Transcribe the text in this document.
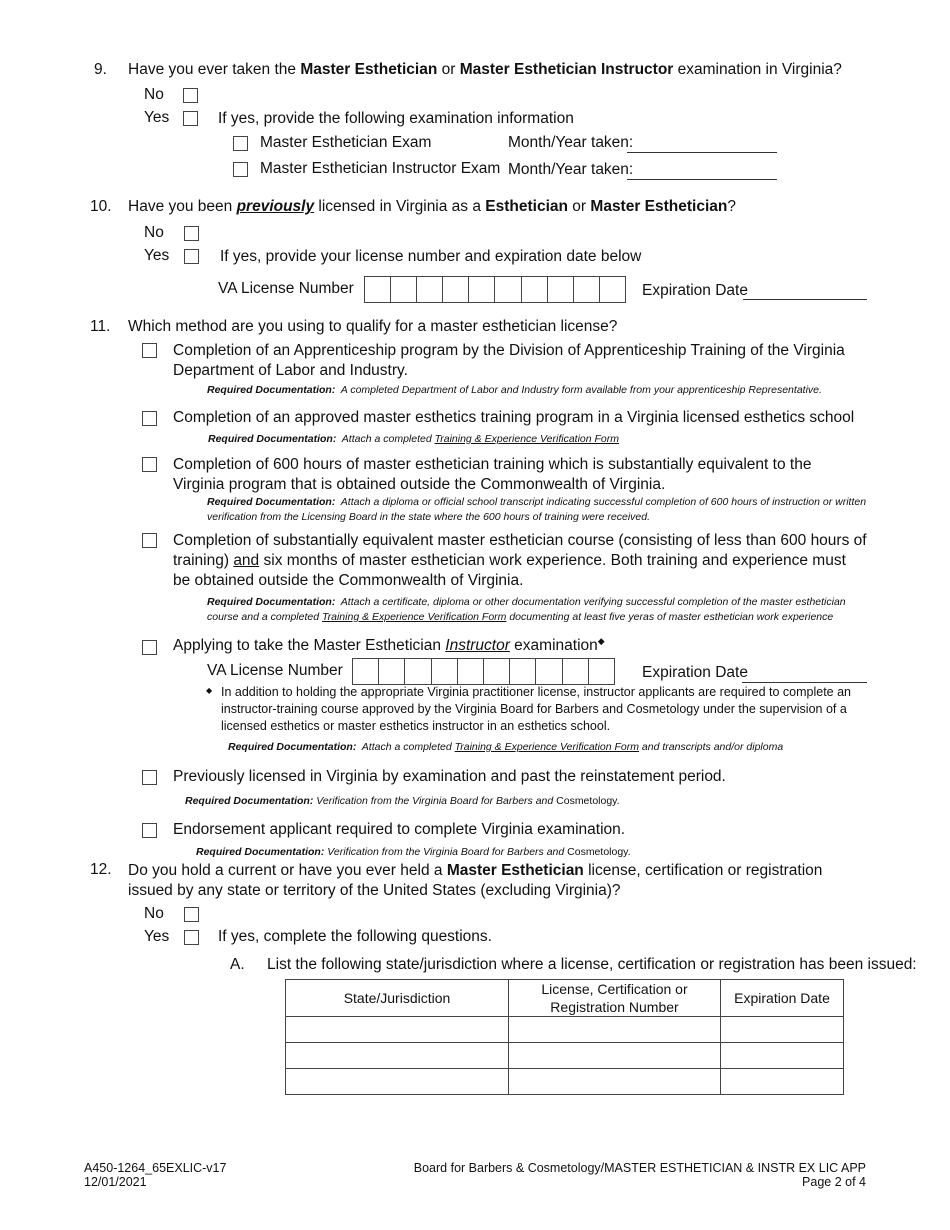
9. Have you ever taken the Master Esthetician or Master Esthetician Instructor examination in Virginia?
No
Yes	If yes, provide the following examination information
Master Esthetician Exam	Month/Year taken:
Master Esthetician Instructor Exam Month/Year taken:
10. Have you been previously licensed in Virginia as a Esthetician or Master Esthetician?
No
Yes	If yes, provide your license number and expiration date below
VA License Number	Expiration Date
11. Which method are you using to qualify for a master esthetician license?
Completion of an Apprenticeship program by the Division of Apprenticeship Training of the Virginia Department of Labor and Industry.
Required Documentation: A completed Department of Labor and Industry form available from your apprenticeship Representative.
Completion of an approved master esthetics training program in a Virginia licensed esthetics school
Required Documentation: Attach a completed Training & Experience Verification Form
Completion of 600 hours of master esthetician training which is substantially equivalent to the Virginia program that is obtained outside the Commonwealth of Virginia.
Required Documentation: Attach a diploma or official school transcript indicating successful completion of 600 hours of instruction or written verification from the Licensing Board in the state where the 600 hours of training were received.
Completion of substantially equivalent master esthetician course (consisting of less than 600 hours of training) and six months of master esthetician work experience. Both training and experience must be obtained outside the Commonwealth of Virginia.
Required Documentation: Attach a certificate, diploma or other documentation verifying successful completion of the master esthetician course and a completed Training & Experience Verification Form documenting at least five yeras of master esthetician work experience
Applying to take the Master Esthetician Instructor examination◆
VA License Number	Expiration Date
◆ In addition to holding the appropriate Virginia practitioner license, instructor applicants are required to complete an instructor-training course approved by the Virginia Board for Barbers and Cosmetology under the supervision of a licensed esthetics or master esthetics instructor in an esthetics school.
Required Documentation: Attach a completed Training & Experience Verification Form and transcripts and/or diploma
Previously licensed in Virginia by examination and past the reinstatement period.
Required Documentation: Verification from the Virginia Board for Barbers and Cosmetology.
Endorsement applicant required to complete Virginia examination.
Required Documentation: Verification from the Virginia Board for Barbers and Cosmetology.
12. Do you hold a current or have you ever held a Master Esthetician license, certification or registration issued by any state or territory of the United States (excluding Virginia)?
No
Yes	If yes, complete the following questions.
A. List the following state/jurisdiction where a license, certification or registration has been issued:
State/Jurisdiction	License, Certification or Registration Number	Expiration Date

A450-1264_65EXLIC-v17
12/01/2021
Board for Barbers & Cosmetology/MASTER ESTHETICIAN & INSTR EX LIC APP
Page 2 of 4
